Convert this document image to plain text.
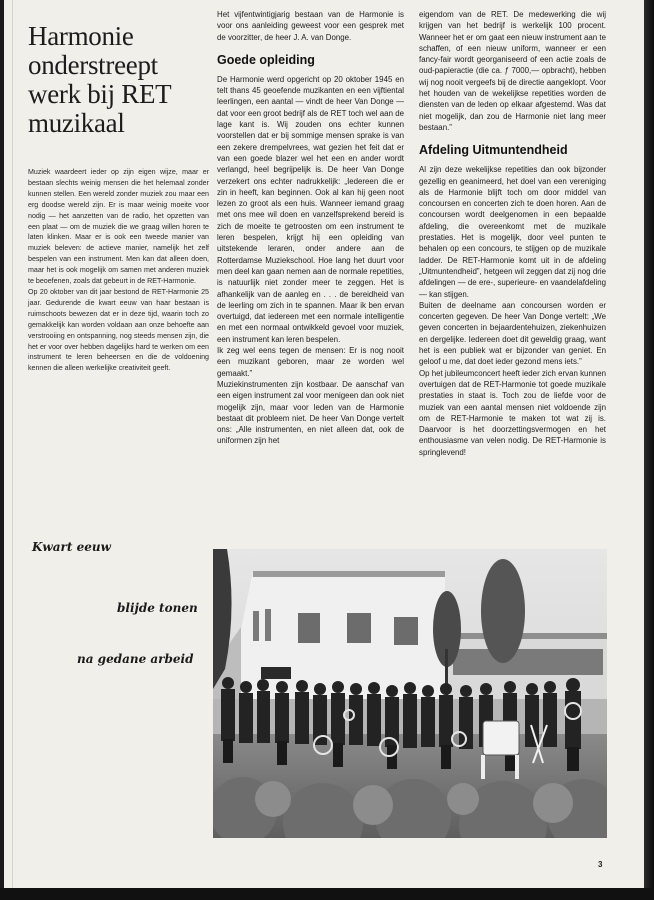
Harmonie onderstreept werk bij RET muzikaal

Muziek waardeert ieder op zijn eigen wijze, maar er bestaan slechts weinig mensen die het helemaal zonder kunnen stellen. Een wereld zonder muziek zou maar een erg doodse wereld zijn. Er is maar weinig moeite voor nodig — het aanzetten van de radio, het opzetten van een plaat — om de muziek die we graag willen horen te laten klinken. Maar er is ook een tweede manier van muziek beleven: de actieve manier, namelijk het zelf bespelen van een instrument. Men kan dat alleen doen, maar het is ook mogelijk om samen met anderen muziek te beoefenen, zoals dat gebeurt in de RET-Harmonie.

Op 20 oktober van dit jaar bestond de RET-Harmonie 25 jaar. Gedurende die kwart eeuw van haar bestaan is ruimschoots bewezen dat er in deze tijd, waarin toch zo gemakkelijk kan worden voldaan aan onze behoefte aan verstrooiing en ontspanning, nog steeds mensen zijn, die het er voor over hebben dagelijks hard te werken om een instrument te leren beheersen en die de voldoening kennen die alleen werkelijke creativiteit geeft.

Het vijfentwintigjarig bestaan van de Harmonie is voor ons aanleiding geweest voor een gesprek met de voorzitter, de heer J. A. van Donge.

Goede opleiding

De Harmonie werd opgericht op 20 oktober 1945 en telt thans 45 geoefende muzikanten en een vijftiental leerlingen, een aantal — vindt de heer Van Donge — dat voor een groot bedrijf als de RET toch wel aan de lage kant is. Wij zouden ons echter kunnen voorstellen dat er bij sommige mensen sprake is van een zekere drempelvrees, wat gezien het feit dat er van een goede blazer wel het een en ander wordt verlangd, heel begrijpelijk is. De heer Van Donge verzekert ons echter nadrukkelijk: „Iedereen die er zin in heeft, kan beginnen. Ook al kan hij geen noot lezen zo groot als een huis. Wanneer iemand graag met ons mee wil doen en vanzelfsprekend bereid is zich de moeite te getroosten om een instrument te leren bespelen, krijgt hij een opleiding van uitstekende leraren, onder andere aan de Rotterdamse Muziekschool. Hoe lang het duurt voor men deel kan gaan nemen aan de normale repetities, is natuurlijk niet zonder meer te zeggen. Het is afhankelijk van de aanleg en . . . de bereidheid van de leerling om zich in te spannen. Maar ik ben ervan overtuigd, dat iedereen met een normale intelligentie en met een normaal ontwikkeld gevoel voor muziek, een instrument kan leren bespelen.

Ik zeg wel eens tegen de mensen: Er is nog nooit een muzikant geboren, maar ze worden wel gemaakt.”

Muziekinstrumenten zijn kostbaar. De aanschaf van een eigen instrument zal voor menigeen dan ook niet mogelijk zijn, maar voor leden van de Harmonie bestaat dit probleem niet. De heer Van Donge vertelt ons: „Alle instrumenten, en niet alleen dat, ook de uniformen zijn het

eigendom van de RET. De medewerking die wij krijgen van het bedrijf is werkelijk 100 procent. Wanneer het er om gaat een nieuw instrument aan te schaffen, of een nieuw uniform, wanneer er een fancy-fair wordt georganiseerd of een actie zoals de oud-papieractie (die ca. ƒ 7000,— opbracht), hebben wij nog nooit vergeefs bij de directie aangeklopt. Voor het houden van de wekelijkse repetities worden de diensten van de leden op elkaar afgestemd. Was dat niet mogelijk, dan zou de Harmonie niet lang meer bestaan.”

Afdeling Uitmuntendheid

Al zijn deze wekelijkse repetities dan ook bijzonder gezellig en geanimeerd, het doel van een vereniging als de Harmonie blijft toch om door middel van concoursen en concerten zich te doen horen. Aan de concoursen wordt deelgenomen in een bepaalde afdeling, die overeenkomt met de muzikale prestaties. Het is mogelijk, door veel punten te behalen op een concours, te stijgen op de muzikale ladder. De RET-Harmonie komt uit in de afdeling „Uitmuntendheid”, hetgeen wil zeggen dat zij nog drie afdelingen — de ere-, superieure- en vaandelafdeling — kan stijgen.

Buiten de deelname aan concoursen worden er concerten gegeven. De heer Van Donge vertelt: „We geven concerten in bejaardentehuizen, ziekenhuizen en dergelijke. Iedereen doet dit geweldig graag, want het is een publiek wat er bijzonder van geniet. En geloof u me, dat doet ieder gezond mens iets.”

Op het jubileumconcert heeft ieder zich ervan kunnen overtuigen dat de RET-Harmonie tot goede muzikale prestaties in staat is. Toch zou de liefde voor de muziek van een aantal mensen niet voldoende zijn om de RET-Harmonie te maken tot wat zij is. Daarvoor is het doorzettingsvermogen en het enthousiasme van velen nodig. De RET-Harmonie is springlevend!

Kwart eeuw

blijde tonen

na gedane arbeid

3
